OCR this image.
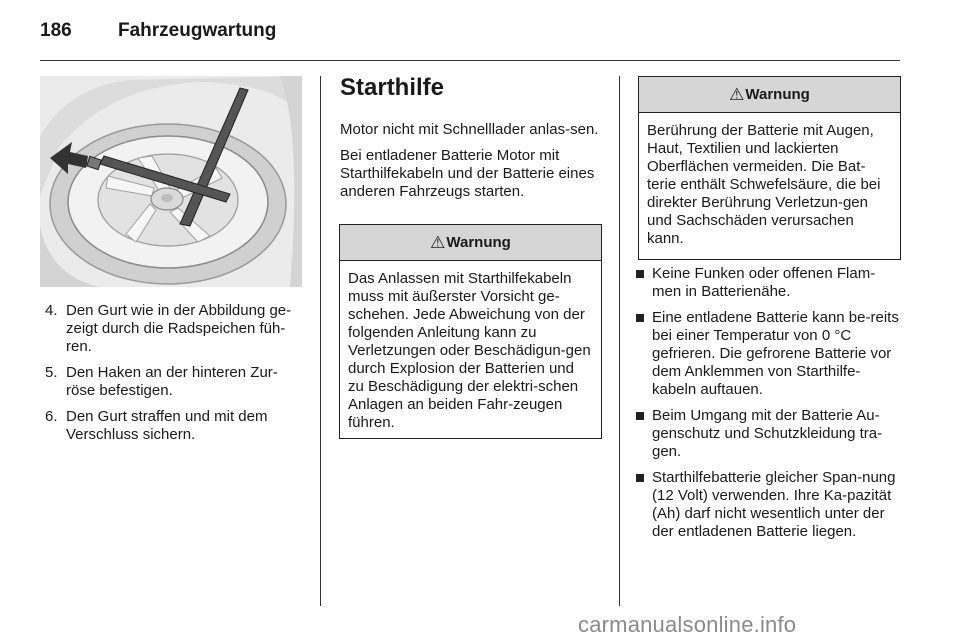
186 Fahrzeugwartung
4. Den Gurt wie in der Abbildung ge-zeigt durch die Radspeichen füh-ren.
5. Den Haken an der hinteren Zur-röse befestigen.
6. Den Gurt straffen und mit dem Verschluss sichern.
Starthilfe

Motor nicht mit Schnelllader anlas-sen.

Bei entladener Batterie Motor mit Starthilfekabeln und der Batterie eines anderen Fahrzeugs starten.

⚠ Warnung
Das Anlassen mit Starthilfekabeln muss mit äußerster Vorsicht ge-schehen. Jede Abweichung von der folgenden Anleitung kann zu Verletzungen oder Beschädigun-gen durch Explosion der Batterien und zu Beschädigung der elektri-schen Anlagen an beiden Fahr-zeugen führen.
⚠ Warnung
Berührung der Batterie mit Augen, Haut, Textilien und lackierten Oberflächen vermeiden. Die Bat-terie enthält Schwefelsäure, die bei direkter Berührung Verletzun-gen und Sachschäden verursachen kann.
Keine Funken oder offenen Flam-men in Batterienähe.
Eine entladene Batterie kann be-reits bei einer Temperatur von 0 °C gefrieren. Die gefrorene Batterie vor dem Anklemmen von Starthilfe-kabeln auftauen.
Beim Umgang mit der Batterie Au-genschutz und Schutzkleidung tra-gen.
Starthilfebatterie gleicher Span-nung (12 Volt) verwenden. Ihre Ka-pazität (Ah) darf nicht wesentlich unter der der entladenen Batterie liegen.
carmanualsonline.info
